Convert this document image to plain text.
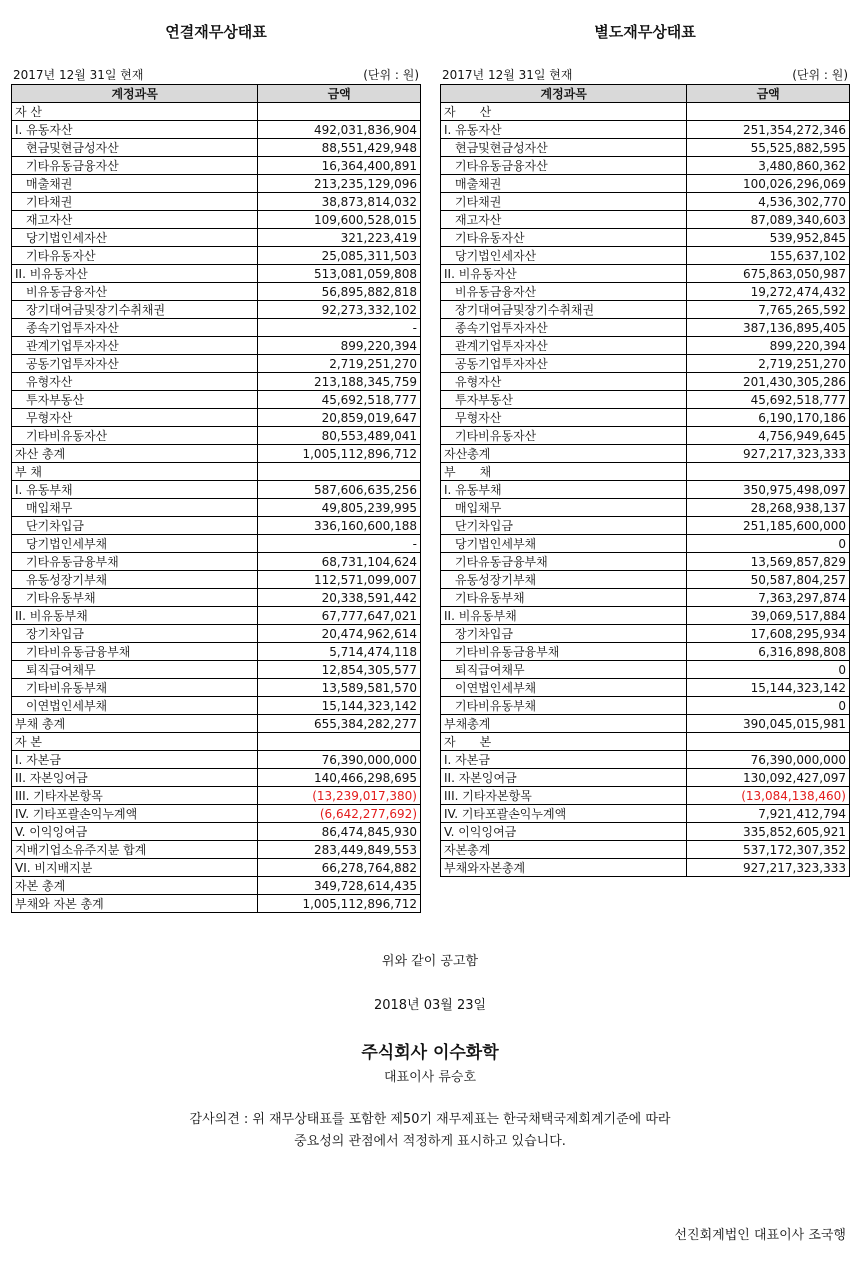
연결재무상태표
2017년 12월 31일 현재	(단위 : 원)
계정과목	금액
자 산	
I. 유동자산	492,031,836,904
현금및현금성자산	88,551,429,948
기타유동금융자산	16,364,400,891
매출채권	213,235,129,096
기타채권	38,873,814,032
재고자산	109,600,528,015
당기법인세자산	321,223,419
기타유동자산	25,085,311,503
II. 비유동자산	513,081,059,808
비유동금융자산	56,895,882,818
장기대여금및장기수취채권	92,273,332,102
종속기업투자자산	-
관계기업투자자산	899,220,394
공동기업투자자산	2,719,251,270
유형자산	213,188,345,759
투자부동산	45,692,518,777
무형자산	20,859,019,647
기타비유동자산	80,553,489,041
자산 총계	1,005,112,896,712
부 채	
I. 유동부채	587,606,635,256
매입채무	49,805,239,995
단기차입금	336,160,600,188
당기법인세부채	-
기타유동금융부채	68,731,104,624
유동성장기부채	112,571,099,007
기타유동부채	20,338,591,442
II. 비유동부채	67,777,647,021
장기차입금	20,474,962,614
기타비유동금융부채	5,714,474,118
퇴직급여채무	12,854,305,577
기타비유동부채	13,589,581,570
이연법인세부채	15,144,323,142
부채 총계	655,384,282,277
자 본	
I. 자본금	76,390,000,000
II. 자본잉여금	140,466,298,695
III. 기타자본항목	(13,239,017,380)
IV. 기타포괄손익누계액	(6,642,277,692)
V. 이익잉여금	86,474,845,930
지배기업소유주지분 합계	283,449,849,553
VI. 비지배지분	66,278,764,882
자본 총계	349,728,614,435
부채와 자본 총계	1,005,112,896,712
별도재무상태표
2017년 12월 31일 현재	(단위 : 원)
계정과목	금액
자　　산	
I. 유동자산	251,354,272,346
현금및현금성자산	55,525,882,595
기타유동금융자산	3,480,860,362
매출채권	100,026,296,069
기타채권	4,536,302,770
재고자산	87,089,340,603
기타유동자산	539,952,845
당기법인세자산	155,637,102
II. 비유동자산	675,863,050,987
비유동금융자산	19,272,474,432
장기대여금및장기수취채권	7,765,265,592
종속기업투자자산	387,136,895,405
관계기업투자자산	899,220,394
공동기업투자자산	2,719,251,270
유형자산	201,430,305,286
투자부동산	45,692,518,777
무형자산	6,190,170,186
기타비유동자산	4,756,949,645
자산총계	927,217,323,333
부　　채	
I. 유동부채	350,975,498,097
매입채무	28,268,938,137
단기차입금	251,185,600,000
당기법인세부채	0
기타유동금융부채	13,569,857,829
유동성장기부채	50,587,804,257
기타유동부채	7,363,297,874
II. 비유동부채	39,069,517,884
장기차입금	17,608,295,934
기타비유동금융부채	6,316,898,808
퇴직급여채무	0
이연법인세부채	15,144,323,142
기타비유동부채	0
부채총계	390,045,015,981
자　　본	
I. 자본금	76,390,000,000
II. 자본잉여금	130,092,427,097
III. 기타자본항목	(13,084,138,460)
IV. 기타포괄손익누계액	7,921,412,794
V. 이익잉여금	335,852,605,921
자본총계	537,172,307,352
부채와자본총계	927,217,323,333
위와 같이 공고함
2018년 03월 23일
주식회사 이수화학
대표이사 류승호
감사의견 : 위 재무상태표를 포함한 제50기 재무제표는 한국채택국제회계기준에 따라
중요성의 관점에서 적정하게 표시하고 있습니다.
선진회계법인 대표이사 조국행
